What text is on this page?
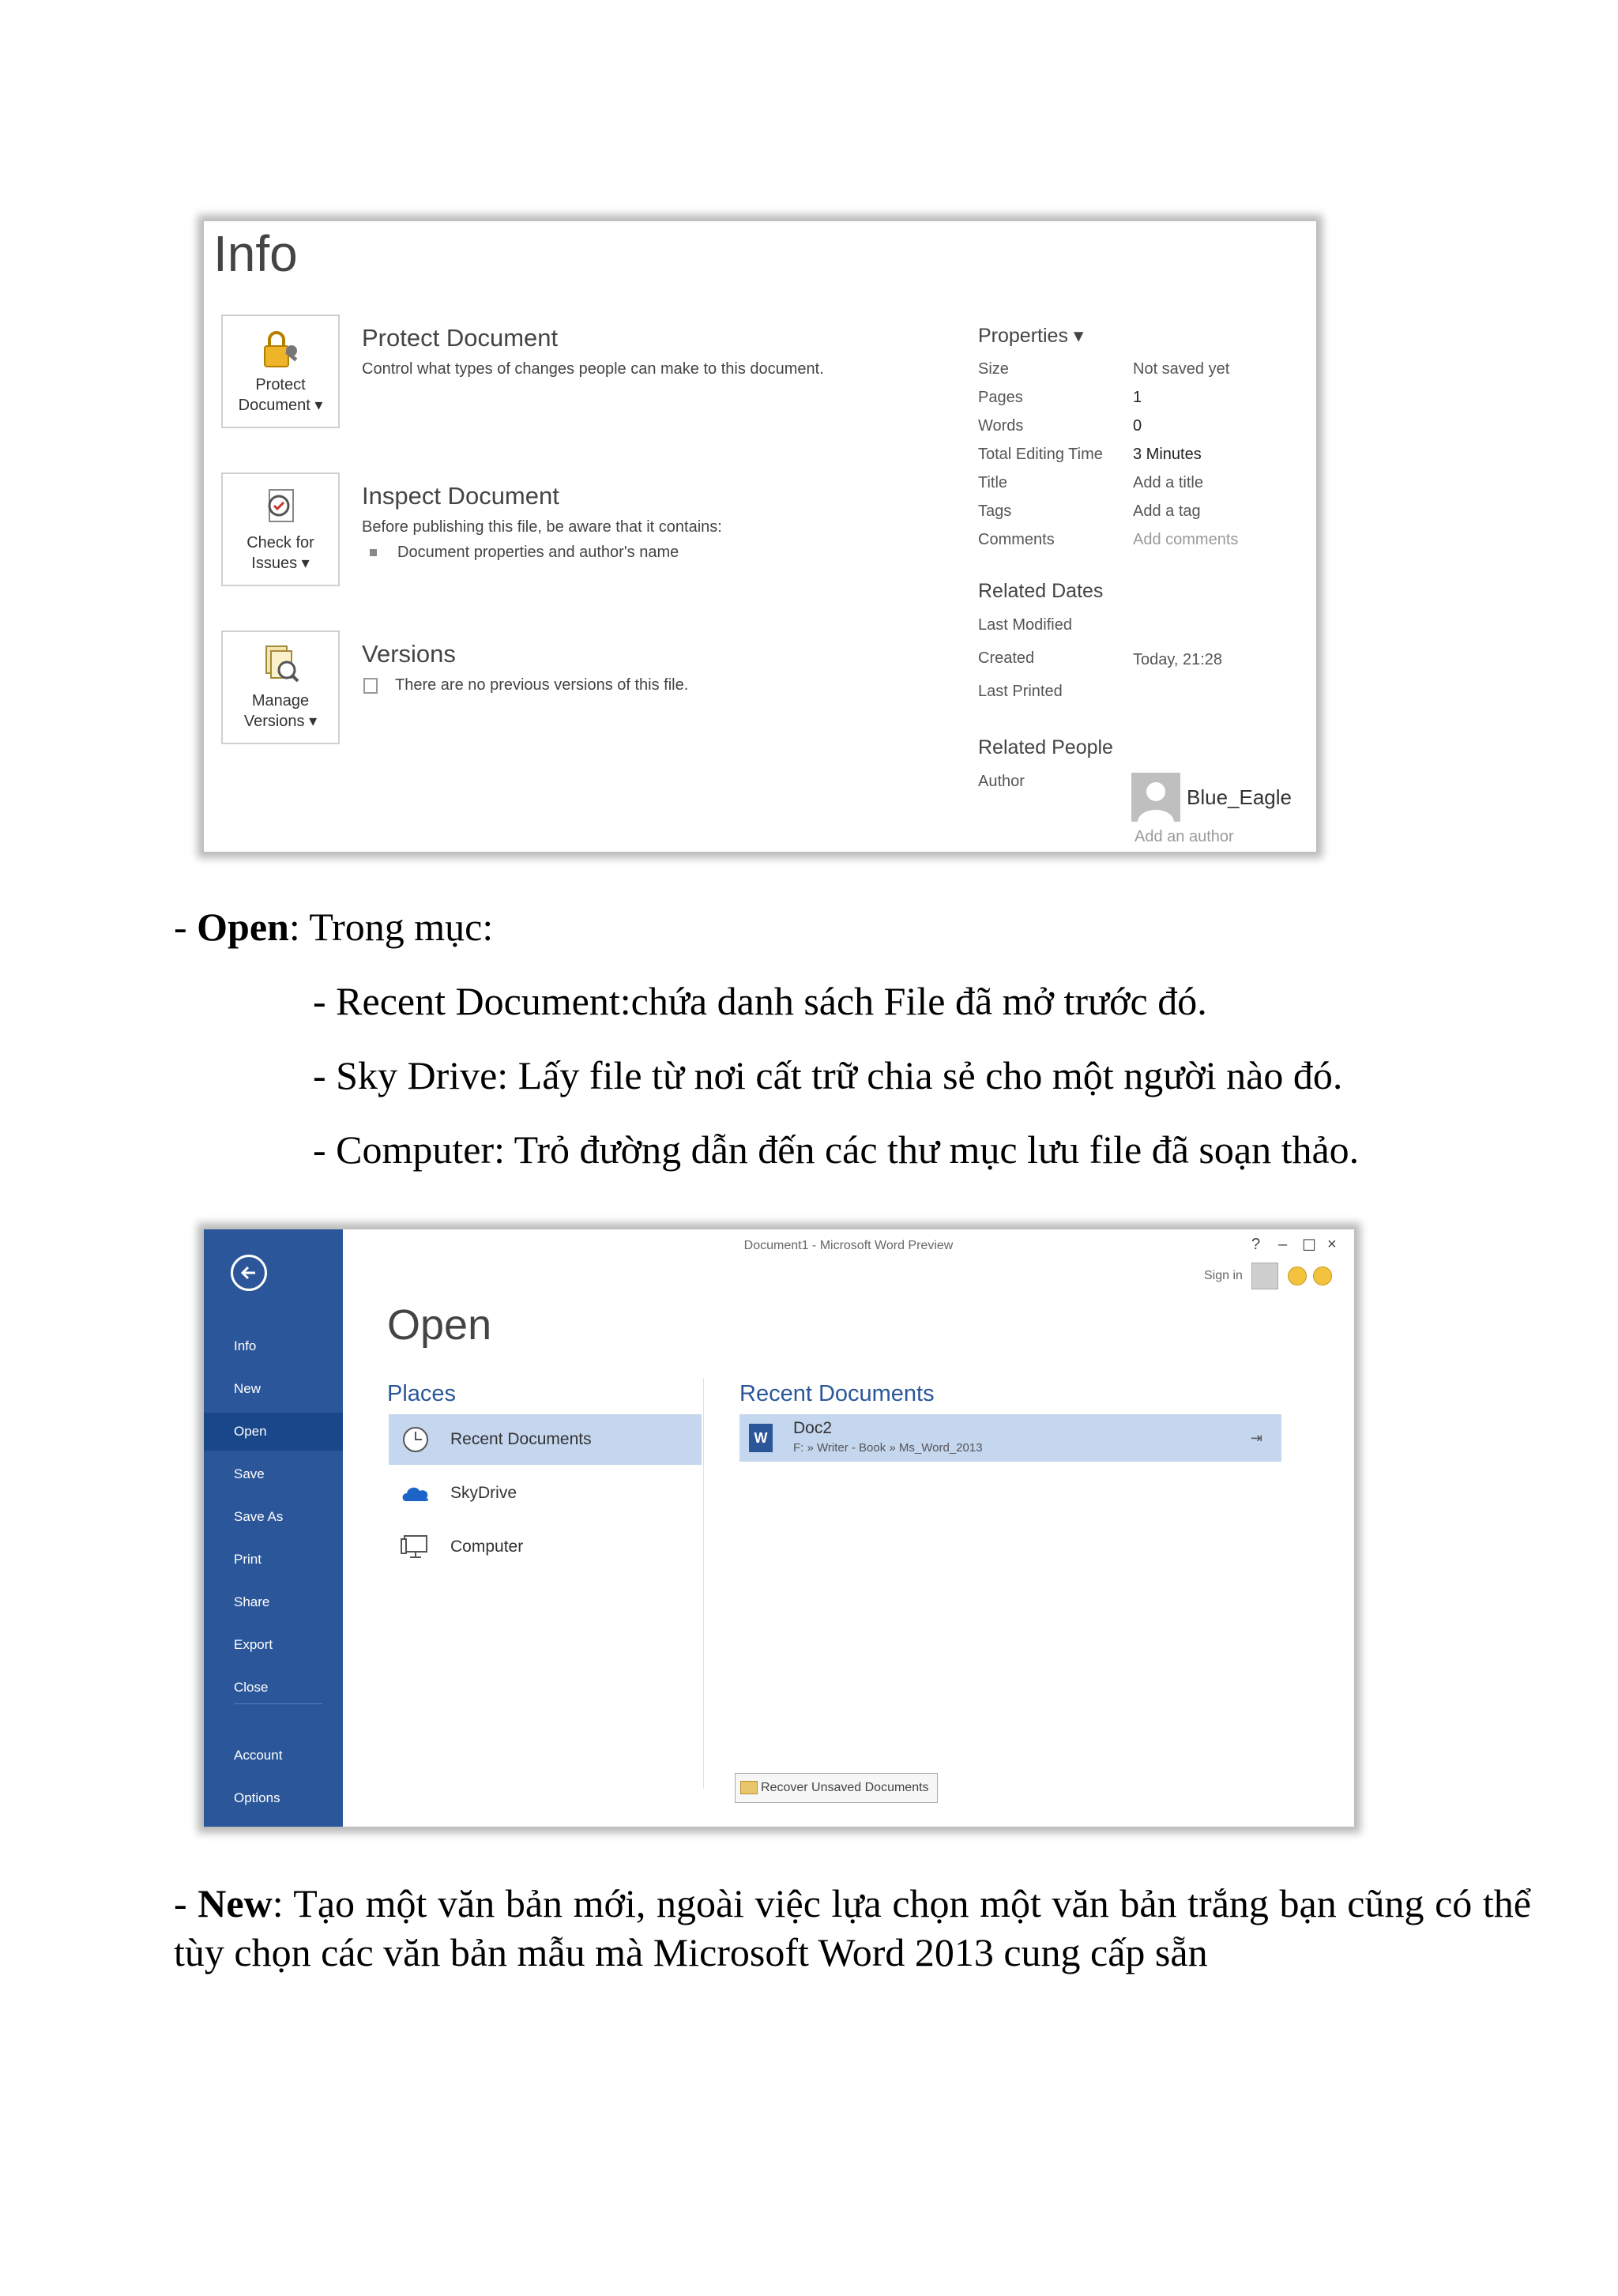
Info
Protect
Document ▾
Protect Document
Control what types of changes people can make to this document.
Check for
Issues ▾
Inspect Document
Before publishing this file, be aware that it contains:
Document properties and author's name
Manage
Versions ▾
Versions
There are no previous versions of this file.
Properties ▾
Size	Not saved yet
Pages	1
Words	0
Total Editing Time 3 Minutes
Title	Add a title
Tags	Add a tag
Comments	Add comments
Related Dates
Last Modified
Created	Today, 21:28
Last Printed
Related People
Author
Blue_Eagle
Add an author
- Open: Trong mục:
- Recent Document:chứa danh sách File đã mở trước đó.
- Sky Drive: Lấy file từ nơi cất trữ chia sẻ cho một người nào đó.
- Computer: Trỏ đường dẫn đến các thư mục lưu file đã soạn thảo.
Info
New
Open
Save
Save As
Print
Share
Export
Close
Account
Options
Document1 - Microsoft Word Preview	? – ☐ ×
Sign in
Open
Places
Recent Documents
SkyDrive
Computer
Recent Documents
W
Doc2
F: » Writer - Book » Ms_Word_2013
⇥
Recover Unsaved Documents
- New: Tạo một văn bản mới, ngoài việc lựa chọn một văn bản trắng bạn cũng có thể tùy chọn các văn bản mẫu mà Microsoft Word 2013 cung cấp sẵn
